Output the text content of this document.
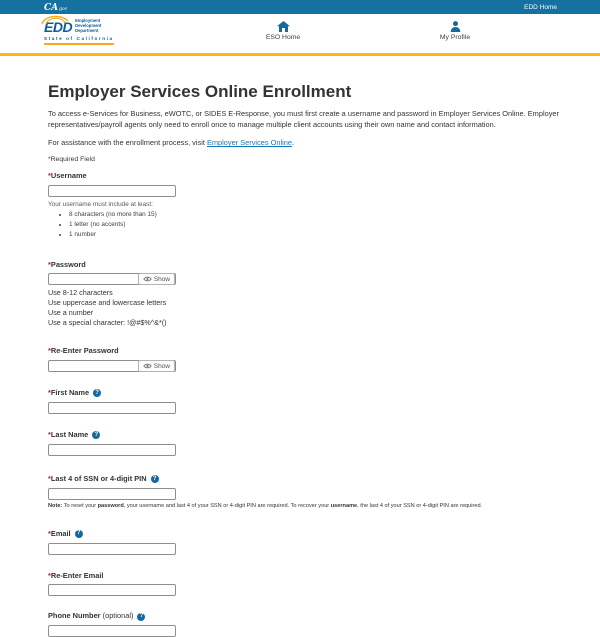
CAgov	EDD Home
EDD Employment
Development
Department
State of California	ESO Home	My Profile
Employer Services Online Enrollment

To access e-Services for Business, eWOTC, or SIDES E-Response, you must first create a username and password in Employer Services Online. Employer representatives/payroll agents only need to enroll once to manage multiple client accounts using their own name and contact information.

For assistance with the enrollment process, visit Employer Services Online.

*Required Field
*Username
Your username must include at least:
• 8 characters (no more than 15)
• 1 letter (no accents)
• 1 number
*Password
Show
Use 8-12 characters
Use uppercase and lowercase letters
Use a number
Use a special character: !@#$%^&*()
*Re-Enter Password
Show
*First Name
?
*Last Name
?
*Last 4 of SSN or 4-digit PIN
?
Note: To reset your password, your username and last 4 of your SSN or 4-digit PIN are required. To recover your username, the last 4 of your SSN or 4-digit PIN are required.
*Email
?
*Re-Enter Email
Phone Number (optional)
?
